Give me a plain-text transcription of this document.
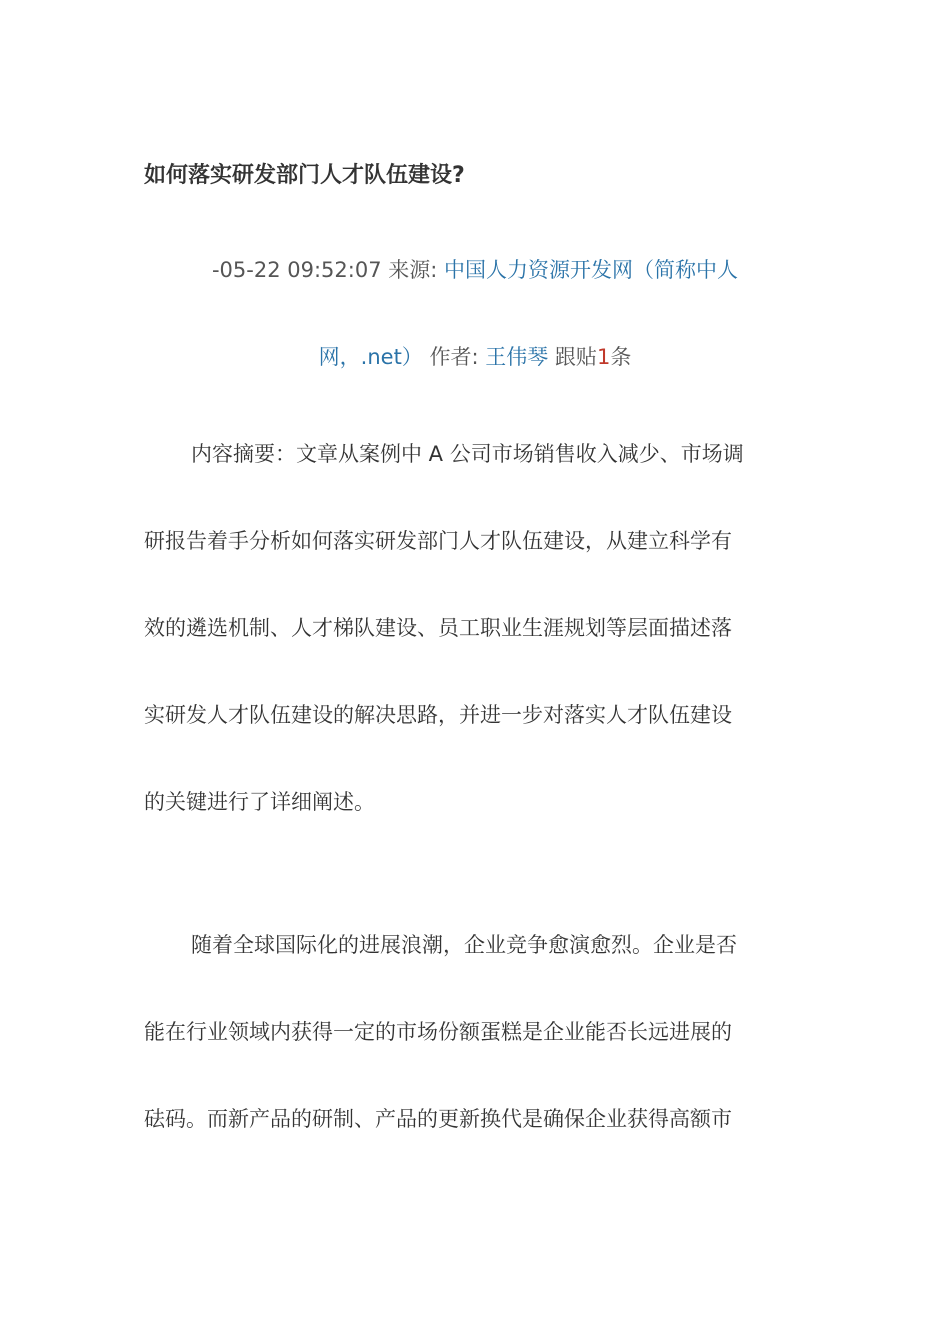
如何落实研发部门人才队伍建设?
-05-22 09:52:07 来源: 中国人力资源开发网（简称中人
网，.net） 作者: 王伟琴 跟贴1条
内容摘要：文章从案例中 A 公司市场销售收入减少、市场调
研报告着手分析如何落实研发部门人才队伍建设，从建立科学有
效的遴选机制、人才梯队建设、员工职业生涯规划等层面描述落
实研发人才队伍建设的解决思路，并进一步对落实人才队伍建设
的关键进行了详细阐述。
随着全球国际化的进展浪潮，企业竞争愈演愈烈。企业是否
能在行业领域内获得一定的市场份额蛋糕是企业能否长远进展的
砝码。而新产品的研制、产品的更新换代是确保企业获得高额市
